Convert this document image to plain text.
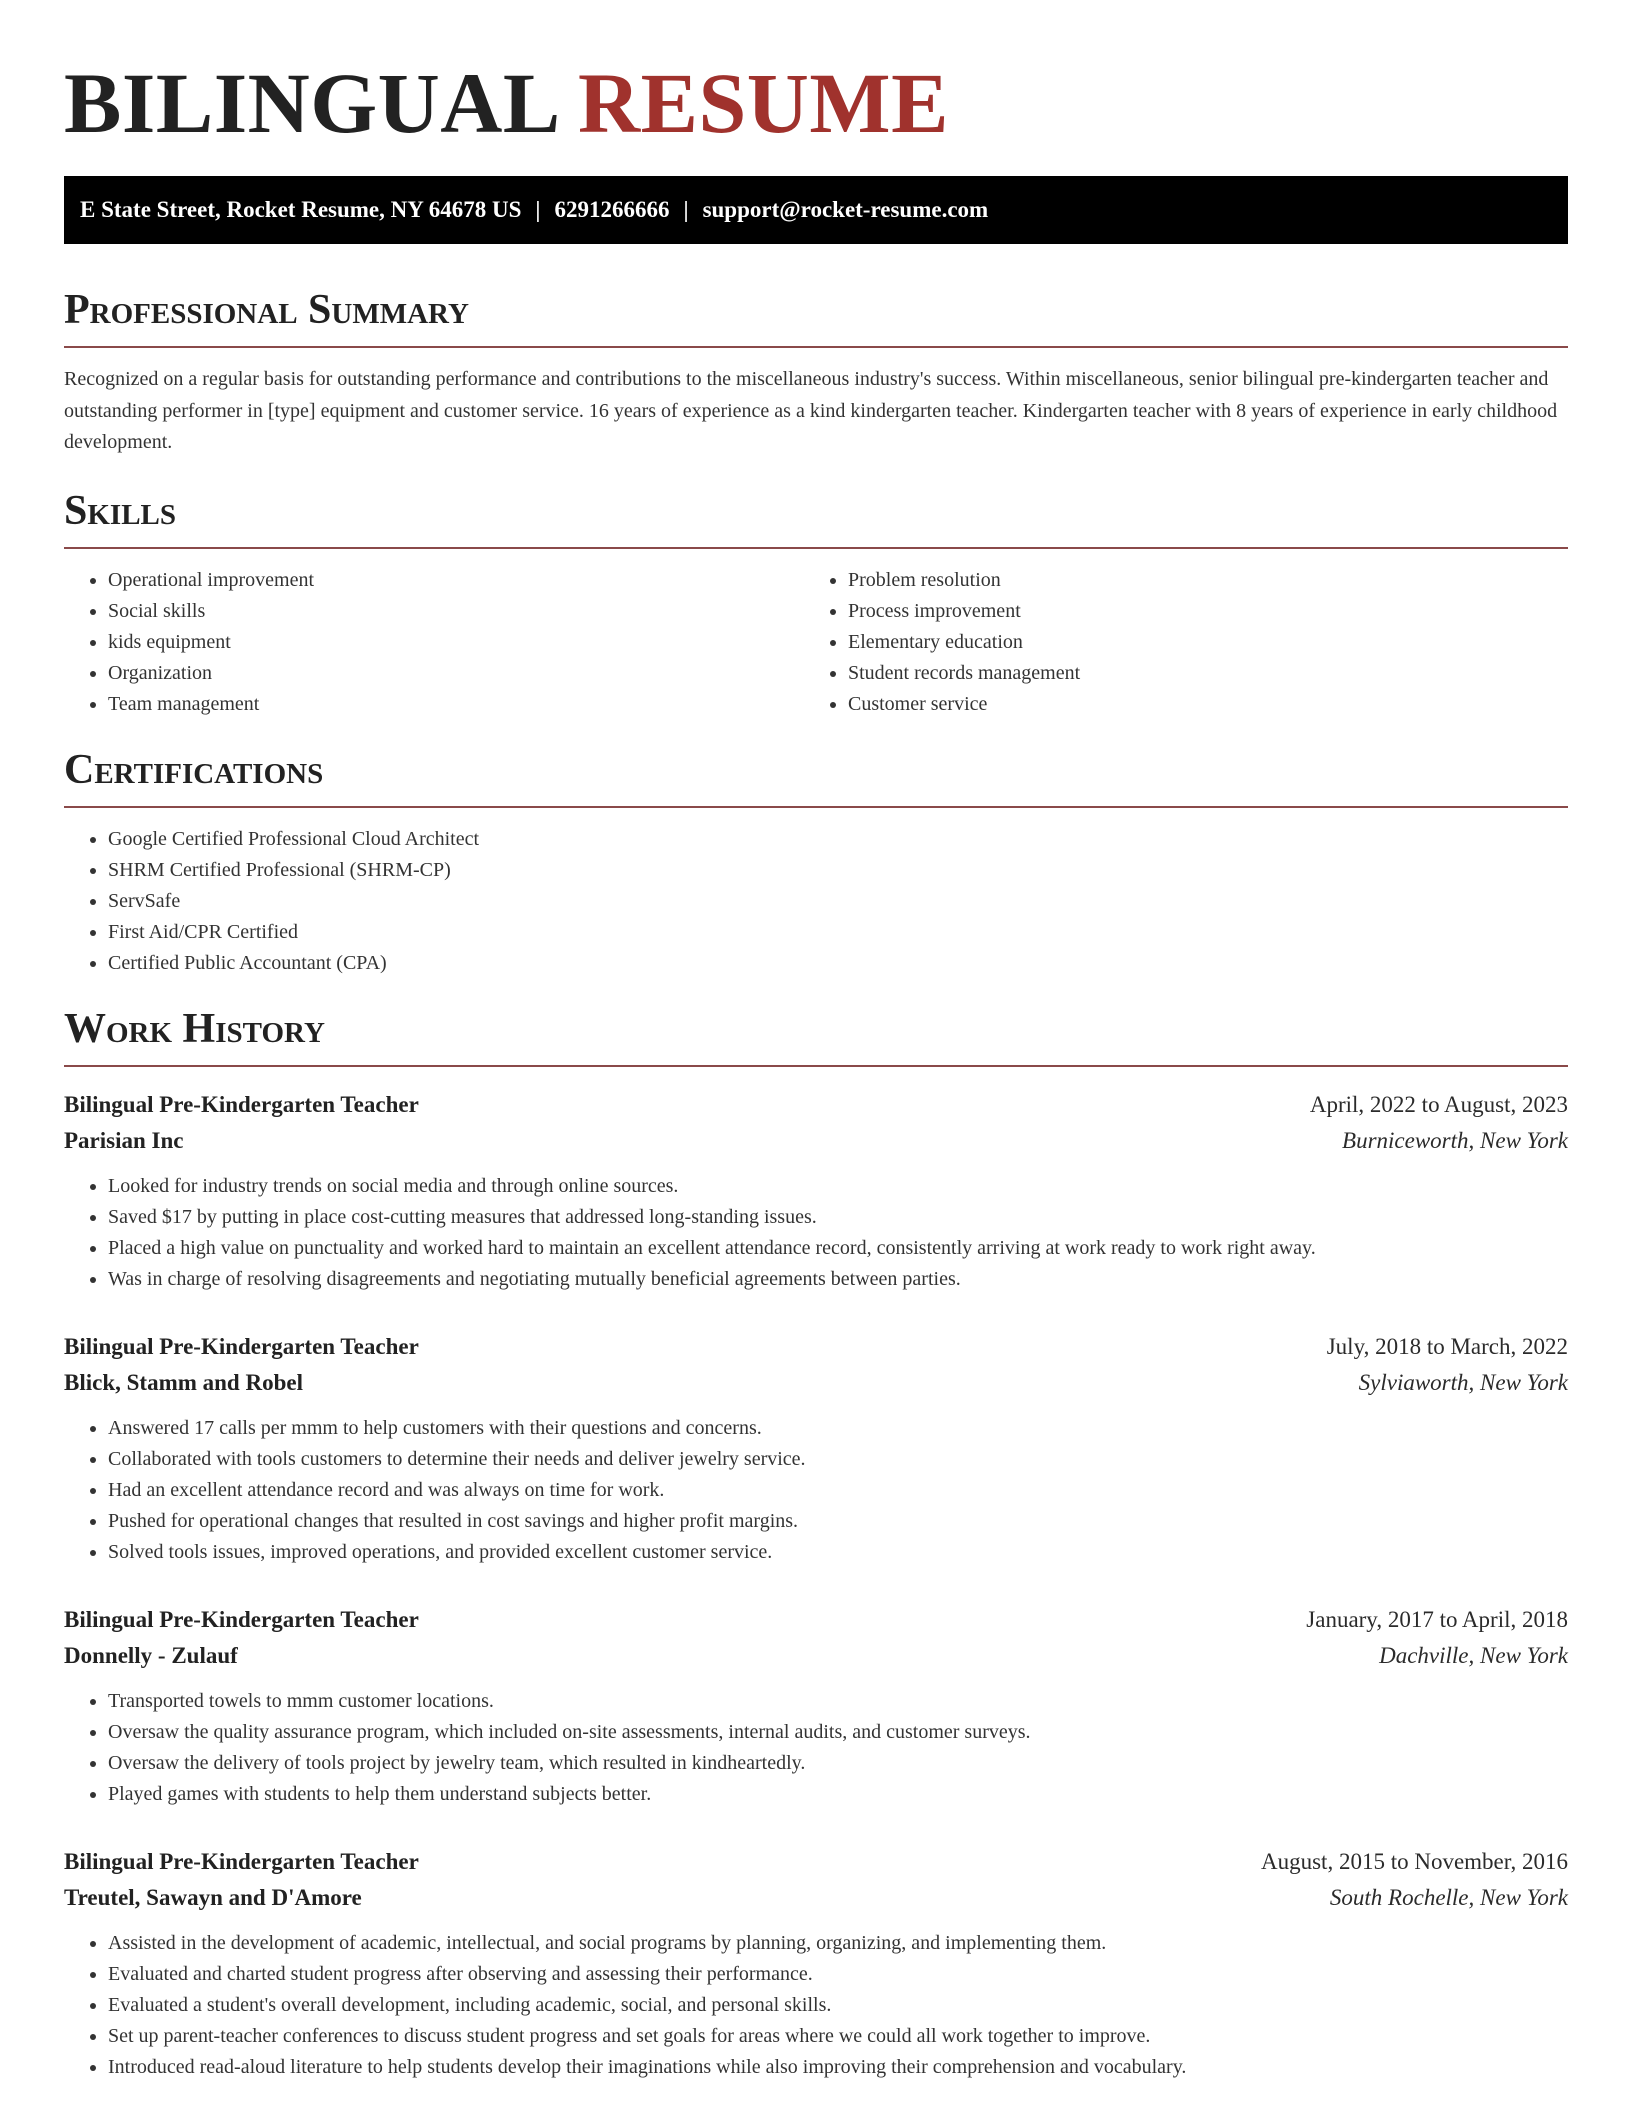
BILINGUAL RESUME
E State Street, Rocket Resume, NY 64678 US | 6291266666 | support@rocket-resume.com
Professional Summary

Recognized on a regular basis for outstanding performance and contributions to the miscellaneous industry's success. Within miscellaneous, senior bilingual pre-kindergarten teacher and outstanding performer in [type] equipment and customer service. 16 years of experience as a kind kindergarten teacher. Kindergarten teacher with 8 years of experience in early childhood development.

Skills
• Operational improvement
• Social skills
• kids equipment
• Organization
• Team management
• Problem resolution
• Process improvement
• Elementary education
• Student records management
• Customer service
Certifications
• Google Certified Professional Cloud Architect
• SHRM Certified Professional (SHRM-CP)
• ServSafe
• First Aid/CPR Certified
• Certified Public Accountant (CPA)
Work History
Bilingual Pre-Kindergarten Teacher	April, 2022 to August, 2023
Parisian Inc	Burniceworth, New York
• Looked for industry trends on social media and through online sources.
• Saved $17 by putting in place cost-cutting measures that addressed long-standing issues.
• Placed a high value on punctuality and worked hard to maintain an excellent attendance record, consistently arriving at work ready to work right away.
• Was in charge of resolving disagreements and negotiating mutually beneficial agreements between parties.
Bilingual Pre-Kindergarten Teacher	July, 2018 to March, 2022
Blick, Stamm and Robel	Sylviaworth, New York
• Answered 17 calls per mmm to help customers with their questions and concerns.
• Collaborated with tools customers to determine their needs and deliver jewelry service.
• Had an excellent attendance record and was always on time for work.
• Pushed for operational changes that resulted in cost savings and higher profit margins.
• Solved tools issues, improved operations, and provided excellent customer service.
Bilingual Pre-Kindergarten Teacher	January, 2017 to April, 2018
Donnelly - Zulauf	Dachville, New York
• Transported towels to mmm customer locations.
• Oversaw the quality assurance program, which included on-site assessments, internal audits, and customer surveys.
• Oversaw the delivery of tools project by jewelry team, which resulted in kindheartedly.
• Played games with students to help them understand subjects better.
Bilingual Pre-Kindergarten Teacher	August, 2015 to November, 2016
Treutel, Sawayn and D'Amore	South Rochelle, New York
• Assisted in the development of academic, intellectual, and social programs by planning, organizing, and implementing them.
• Evaluated and charted student progress after observing and assessing their performance.
• Evaluated a student's overall development, including academic, social, and personal skills.
• Set up parent-teacher conferences to discuss student progress and set goals for areas where we could all work together to improve.
• Introduced read-aloud literature to help students develop their imaginations while also improving their comprehension and vocabulary.
